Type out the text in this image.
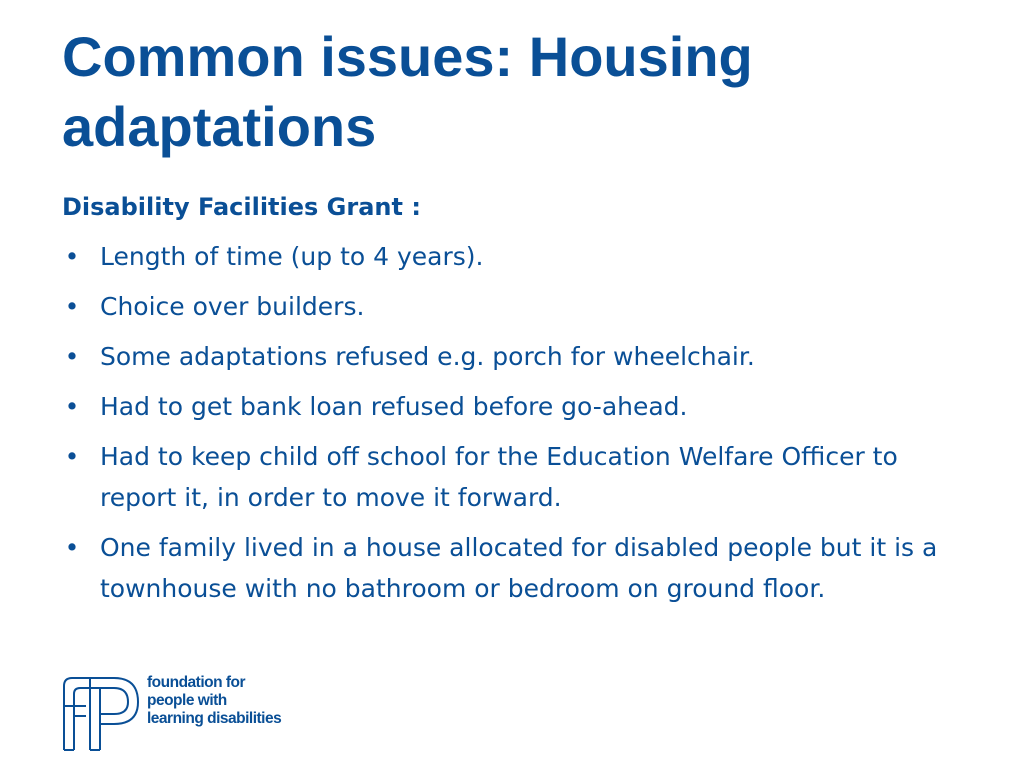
Common issues: Housing adaptations

Disability Facilities Grant :

• Length of time (up to 4 years).
• Choice over builders.
• Some adaptations refused e.g. porch for wheelchair.
• Had to get bank loan refused before go-ahead.
• Had to keep child off school for the Education Welfare Officer to report it, in order to move it forward.
• One family lived in a house allocated for disabled people but it is a townhouse with no bathroom or bedroom on ground floor.
foundation for
people with
learning disabilities
